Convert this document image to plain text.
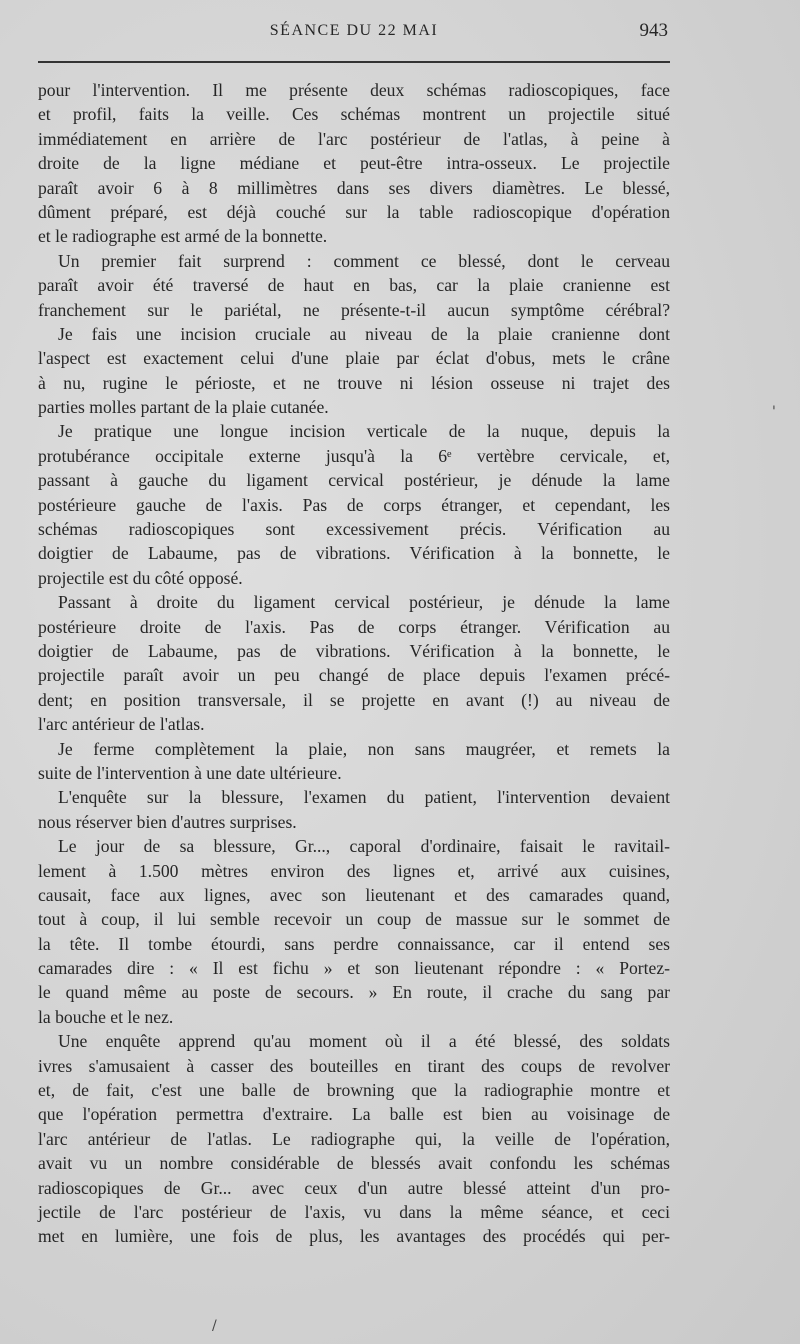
SÉANCE DU 22 MAI	943
pour l'intervention. Il me présente deux schémas radioscopiques, face
et profil, faits la veille. Ces schémas montrent un projectile situé
immédiatement en arrière de l'arc postérieur de l'atlas, à peine à
droite de la ligne médiane et peut-être intra-osseux. Le projectile
paraît avoir 6 à 8 millimètres dans ses divers diamètres. Le blessé,
dûment préparé, est déjà couché sur la table radioscopique d'opération
et le radiographe est armé de la bonnette.
Un premier fait surprend : comment ce blessé, dont le cerveau
paraît avoir été traversé de haut en bas, car la plaie cranienne est
franchement sur le pariétal, ne présente-t-il aucun symptôme cérébral?
Je fais une incision cruciale au niveau de la plaie cranienne dont
l'aspect est exactement celui d'une plaie par éclat d'obus, mets le crâne
à nu, rugine le périoste, et ne trouve ni lésion osseuse ni trajet des
parties molles partant de la plaie cutanée.
Je pratique une longue incision verticale de la nuque, depuis la
protubérance occipitale externe jusqu'à la 6ᵉ vertèbre cervicale, et,
passant à gauche du ligament cervical postérieur, je dénude la lame
postérieure gauche de l'axis. Pas de corps étranger, et cependant, les
schémas radioscopiques sont excessivement précis. Vérification au
doigtier de Labaume, pas de vibrations. Vérification à la bonnette, le
projectile est du côté opposé.
Passant à droite du ligament cervical postérieur, je dénude la lame
postérieure droite de l'axis. Pas de corps étranger. Vérification au
doigtier de Labaume, pas de vibrations. Vérification à la bonnette, le
projectile paraît avoir un peu changé de place depuis l'examen précé-
dent; en position transversale, il se projette en avant (!) au niveau de
l'arc antérieur de l'atlas.
Je ferme complètement la plaie, non sans maugréer, et remets la
suite de l'intervention à une date ultérieure.
L'enquête sur la blessure, l'examen du patient, l'intervention devaient
nous réserver bien d'autres surprises.
Le jour de sa blessure, Gr..., caporal d'ordinaire, faisait le ravitail-
lement à 1.500 mètres environ des lignes et, arrivé aux cuisines,
causait, face aux lignes, avec son lieutenant et des camarades quand,
tout à coup, il lui semble recevoir un coup de massue sur le sommet de
la tête. Il tombe étourdi, sans perdre connaissance, car il entend ses
camarades dire : « Il est fichu » et son lieutenant répondre : « Portez-
le quand même au poste de secours. » En route, il crache du sang par
la bouche et le nez.
Une enquête apprend qu'au moment où il a été blessé, des soldats
ivres s'amusaient à casser des bouteilles en tirant des coups de revolver
et, de fait, c'est une balle de browning que la radiographie montre et
que l'opération permettra d'extraire. La balle est bien au voisinage de
l'arc antérieur de l'atlas. Le radiographe qui, la veille de l'opération,
avait vu un nombre considérable de blessés avait confondu les schémas
radioscopiques de Gr... avec ceux d'un autre blessé atteint d'un pro-
jectile de l'arc postérieur de l'axis, vu dans la même séance, et ceci
met en lumière, une fois de plus, les avantages des procédés qui per-
'
/
